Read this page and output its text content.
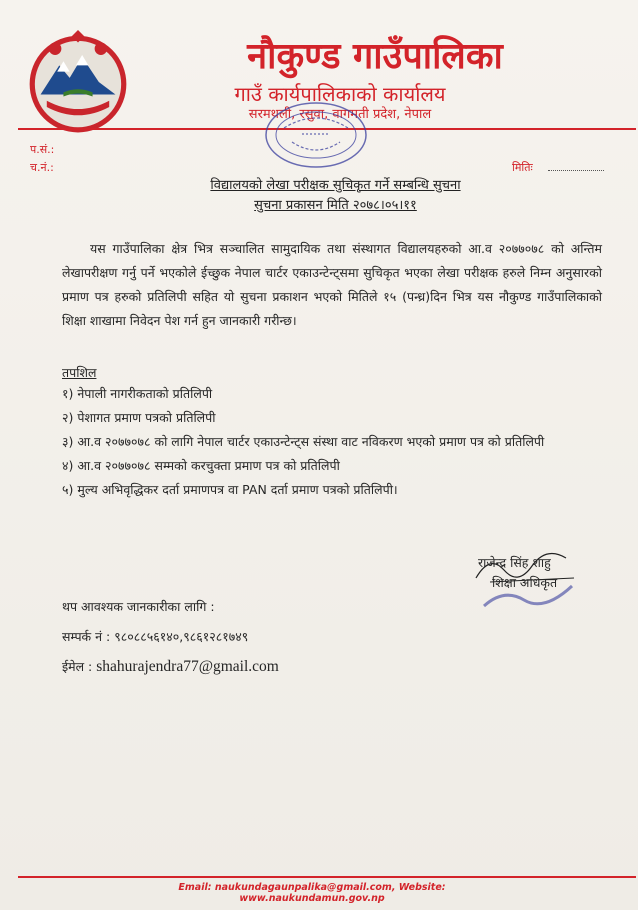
नौकुण्ड गाउँपालिका
गाउँ कार्यपालिकाको कार्यालय
सरमथली, रसुवा, वागमती प्रदेश, नेपाल
प.सं.:
च.नं.:	मितिः
विद्यालयको लेखा परीक्षक सुचिकृत गर्ने सम्बन्धि सुचना
सुचना प्रकासन मिति २०७८।०५।११
यस गाउँपालिका क्षेत्र भित्र सञ्चालित सामुदायिक तथा संस्थागत विद्यालयहरुको आ.व २०७७०७८ को अन्तिम लेखापरीक्षण गर्नु पर्ने भएकोले ईच्छुक नेपाल चार्टर एकाउन्टेन्ट्समा सुचिकृत भएका लेखा परीक्षक हरुले निम्न अनुसारको प्रमाण पत्र हरुको प्रतिलिपी सहित यो सुचना प्रकाशन भएको मितिले १५ (पन्ध्र)दिन भित्र यस नौकुण्ड गाउँपालिकाको शिक्षा शाखामा निवेदन पेश गर्न हुन जानकारी गरीन्छ।
तपशिल
१) नेपाली नागरीकताको प्रतिलिपी
२) पेशागत प्रमाण पत्रको प्रतिलिपी
३) आ.व २०७७०७८ को लागि नेपाल चार्टर एकाउन्टेन्ट्स संस्था वाट नविकरण भएको प्रमाण पत्र को प्रतिलिपी
४) आ.व २०७७०७८ सम्मको करचुक्ता प्रमाण पत्र को प्रतिलिपी
५) मुल्य अभिवृद्धिकर दर्ता प्रमाणपत्र वा PAN दर्ता प्रमाण पत्रको प्रतिलिपी।
राजेन्द्र सिंह शाहु
शिक्षा अधिकृत
थप आवश्यक जानकारीका लागि :
सम्पर्क नं : ९८०८८५६१४०,९८६१२८१७४९
ईमेल : shahurajendra77@gmail.com
Email: naukundagaunpalika@gmail.com, Website: www.naukundamun.gov.np
